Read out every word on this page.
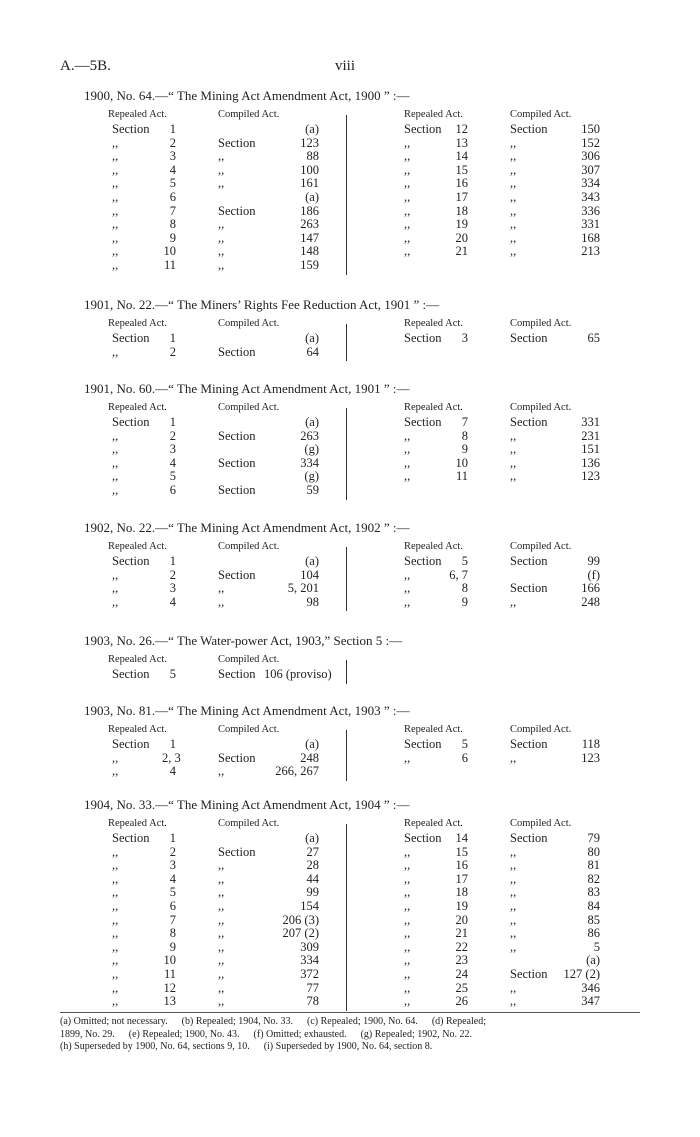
A.—5B.	viii
1900, No. 64.—“ The Mining Act Amendment Act, 1900 ” :—
Repealed Act.	Compiled Act.
Section	1	(a)
,,	2	Section	123
,,	3	,,	88
,,	4	,,	100
,,	5	,,	161
,,	6	(a)
,,	7	Section	186
,,	8	,,	263
,,	9	,,	147
,,	10	,,	148
,,	11	,,	159
Repealed Act.	Compiled Act.
Section	12	Section	150
,,	13	,,	152
,,	14	,,	306
,,	15	,,	307
,,	16	,,	334
,,	17	,,	343
,,	18	,,	336
,,	19	,,	331
,,	20	,,	168
,,	21	,,	213
1901, No. 22.—“ The Miners’ Rights Fee Reduction Act, 1901 ” :—
Repealed Act.	Compiled Act.
Section	1	(a)
,,	2	Section	64
Repealed Act.	Compiled Act.
Section	3	Section	65
1901, No. 60.—“ The Mining Act Amendment Act, 1901 ” :—
Repealed Act.	Compiled Act.
Section	1	(a)
,,	2	Section	263
,,	3	(g)
,,	4	Section	334
,,	5	(g)
,,	6	Section	59
Repealed Act.	Compiled Act.
Section	7	Section	331
,,	8	,,	231
,,	9	,,	151
,,	10	,,	136
,,	11	,,	123
1902, No. 22.—“ The Mining Act Amendment Act, 1902 ” :—
Repealed Act.	Compiled Act.
Section	1	(a)
,,	2	Section	104
,,	3	,,	5, 201
,,	4	,,	98
Repealed Act.	Compiled Act.
Section	5	Section	99
,,	6, 7	(f)
,,	8	Section	166
,,	9	,,	248
1903, No. 26.—“ The Water-power Act, 1903,” Section 5 :—
Repealed Act.	Compiled Act.
Section	5	Section 106 (proviso)
1903, No. 81.—“ The Mining Act Amendment Act, 1903 ” :—
Repealed Act.	Compiled Act.
Section	1	(a)
,,	2, 3	Section	248
,,	4	,,	266, 267
Repealed Act.	Compiled Act.
Section	5	Section	118
,,	6	,,	123
1904, No. 33.—“ The Mining Act Amendment Act, 1904 ” :—
Repealed Act.	Compiled Act.
Section	1	(a)
,,	2	Section	27
,,	3	,,	28
,,	4	,,	44
,,	5	,,	99
,,	6	,,	154
,,	7	,,	206 (3)
,,	8	,,	207 (2)
,,	9	,,	309
,,	10	,,	334
,,	11	,,	372
,,	12	,,	77
,,	13	,,	78
Repealed Act.	Compiled Act.
Section	14	Section	79
,,	15	,,	80
,,	16	,,	81
,,	17	,,	82
,,	18	,,	83
,,	19	,,	84
,,	20	,,	85
,,	21	,,	86
,,	22	,,	5
,,	23	(a)
,,	24	Section	127 (2)
,,	25	,,	346
,,	26	,,	347
(a) Omitted; not necessary. (b) Repealed; 1904, No. 33. (c) Repealed; 1900, No. 64. (d) Repealed;
1899, No. 29. (e) Repealed; 1900, No. 43. (f) Omitted; exhausted. (g) Repealed; 1902, No. 22.
(h) Superseded by 1900, No. 64, sections 9, 10. (i) Superseded by 1900, No. 64, section 8.
